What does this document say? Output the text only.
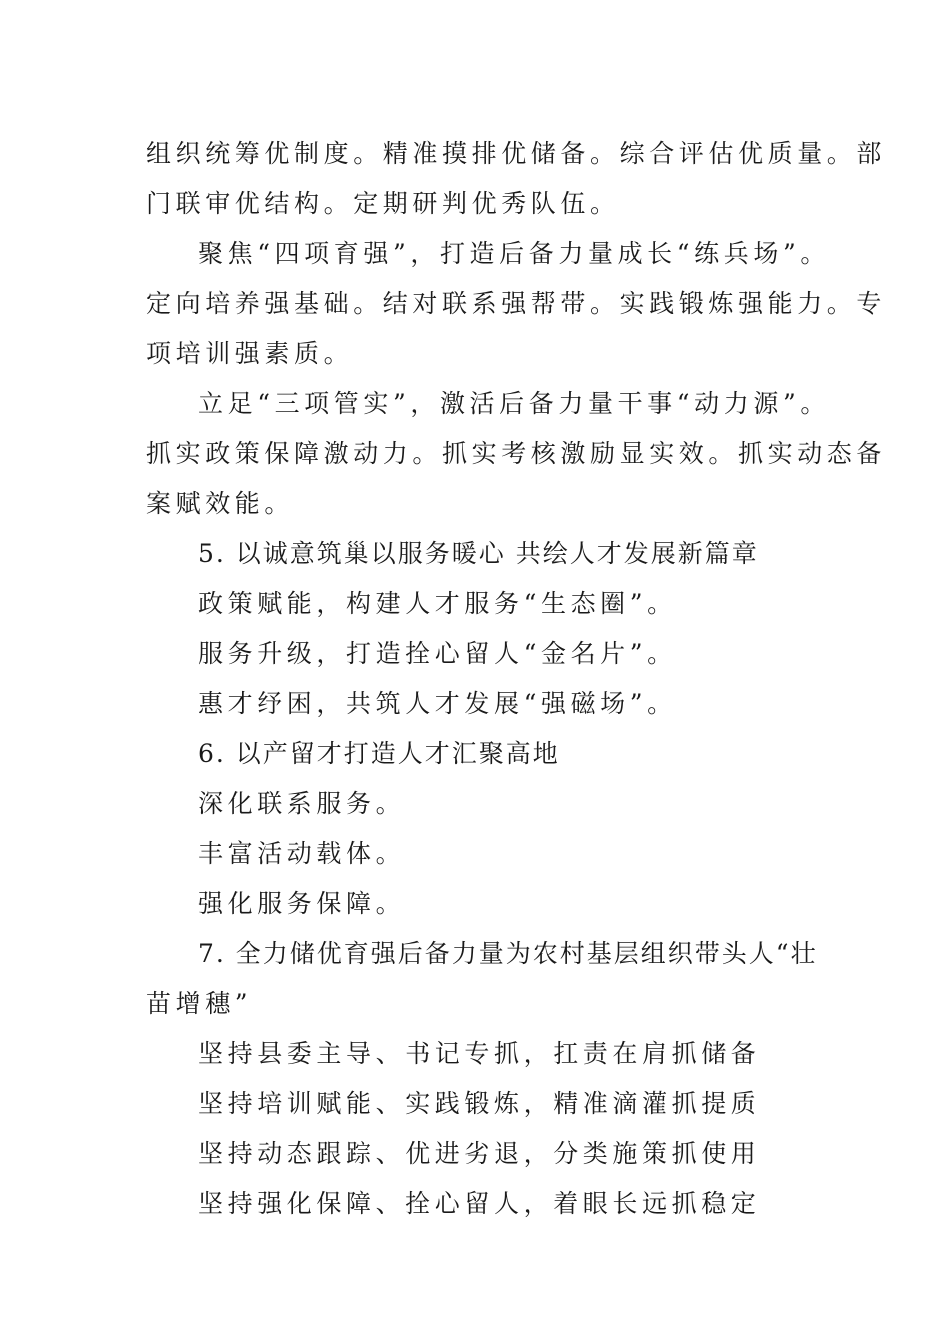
组织统筹优制度。精准摸排优储备。综合评估优质量。部
门联审优结构。定期研判优秀队伍。
聚焦“四项育强”，打造后备力量成长“练兵场”。
定向培养强基础。结对联系强帮带。实践锻炼强能力。专
项培训强素质。
立足“三项管实”，激活后备力量干事“动力源”。
抓实政策保障激动力。抓实考核激励显实效。抓实动态备
案赋效能。
5. 以诚意筑巢以服务暖心 共绘人才发展新篇章
政策赋能，构建人才服务“生态圈”。
服务升级，打造拴心留人“金名片”。
惠才纾困，共筑人才发展“强磁场”。
6. 以产留才打造人才汇聚高地
深化联系服务。
丰富活动载体。
强化服务保障。
7. 全力储优育强后备力量为农村基层组织带头人“壮
苗增穗”
坚持县委主导、书记专抓，扛责在肩抓储备
坚持培训赋能、实践锻炼，精准滴灌抓提质
坚持动态跟踪、优进劣退，分类施策抓使用
坚持强化保障、拴心留人，着眼长远抓稳定
